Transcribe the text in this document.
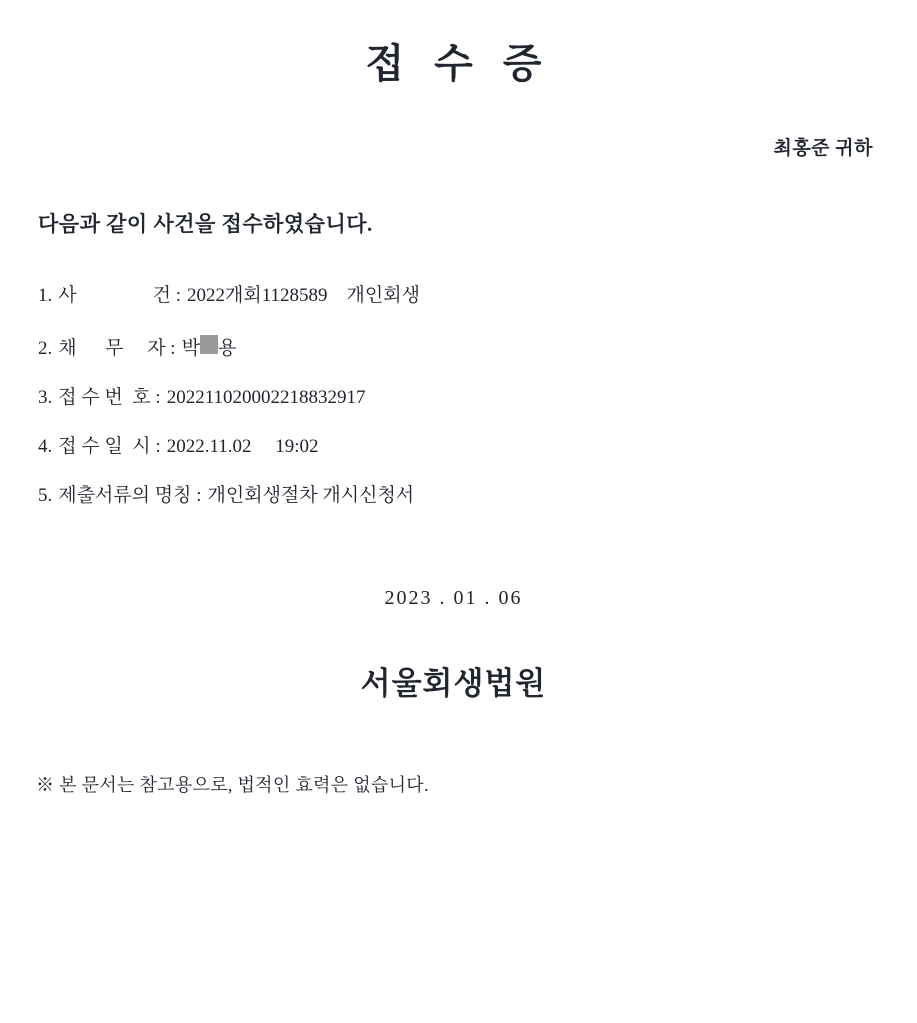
접 수 증
최홍준 귀하
다음과 같이 사건을 접수하였습니다.
1. 사                건 : 2022개회1128589    개인회생
2. 채      무     자 : 박 용
3. 접 수 번  호 : 202211020002218832917
4. 접 수 일  시 : 2022.11.02     19:02
5. 제출서류의 명칭 : 개인회생절차 개시신청서
2023 . 01 . 06
서울회생법원
※ 본 문서는 참고용으로, 법적인 효력은 없습니다.
